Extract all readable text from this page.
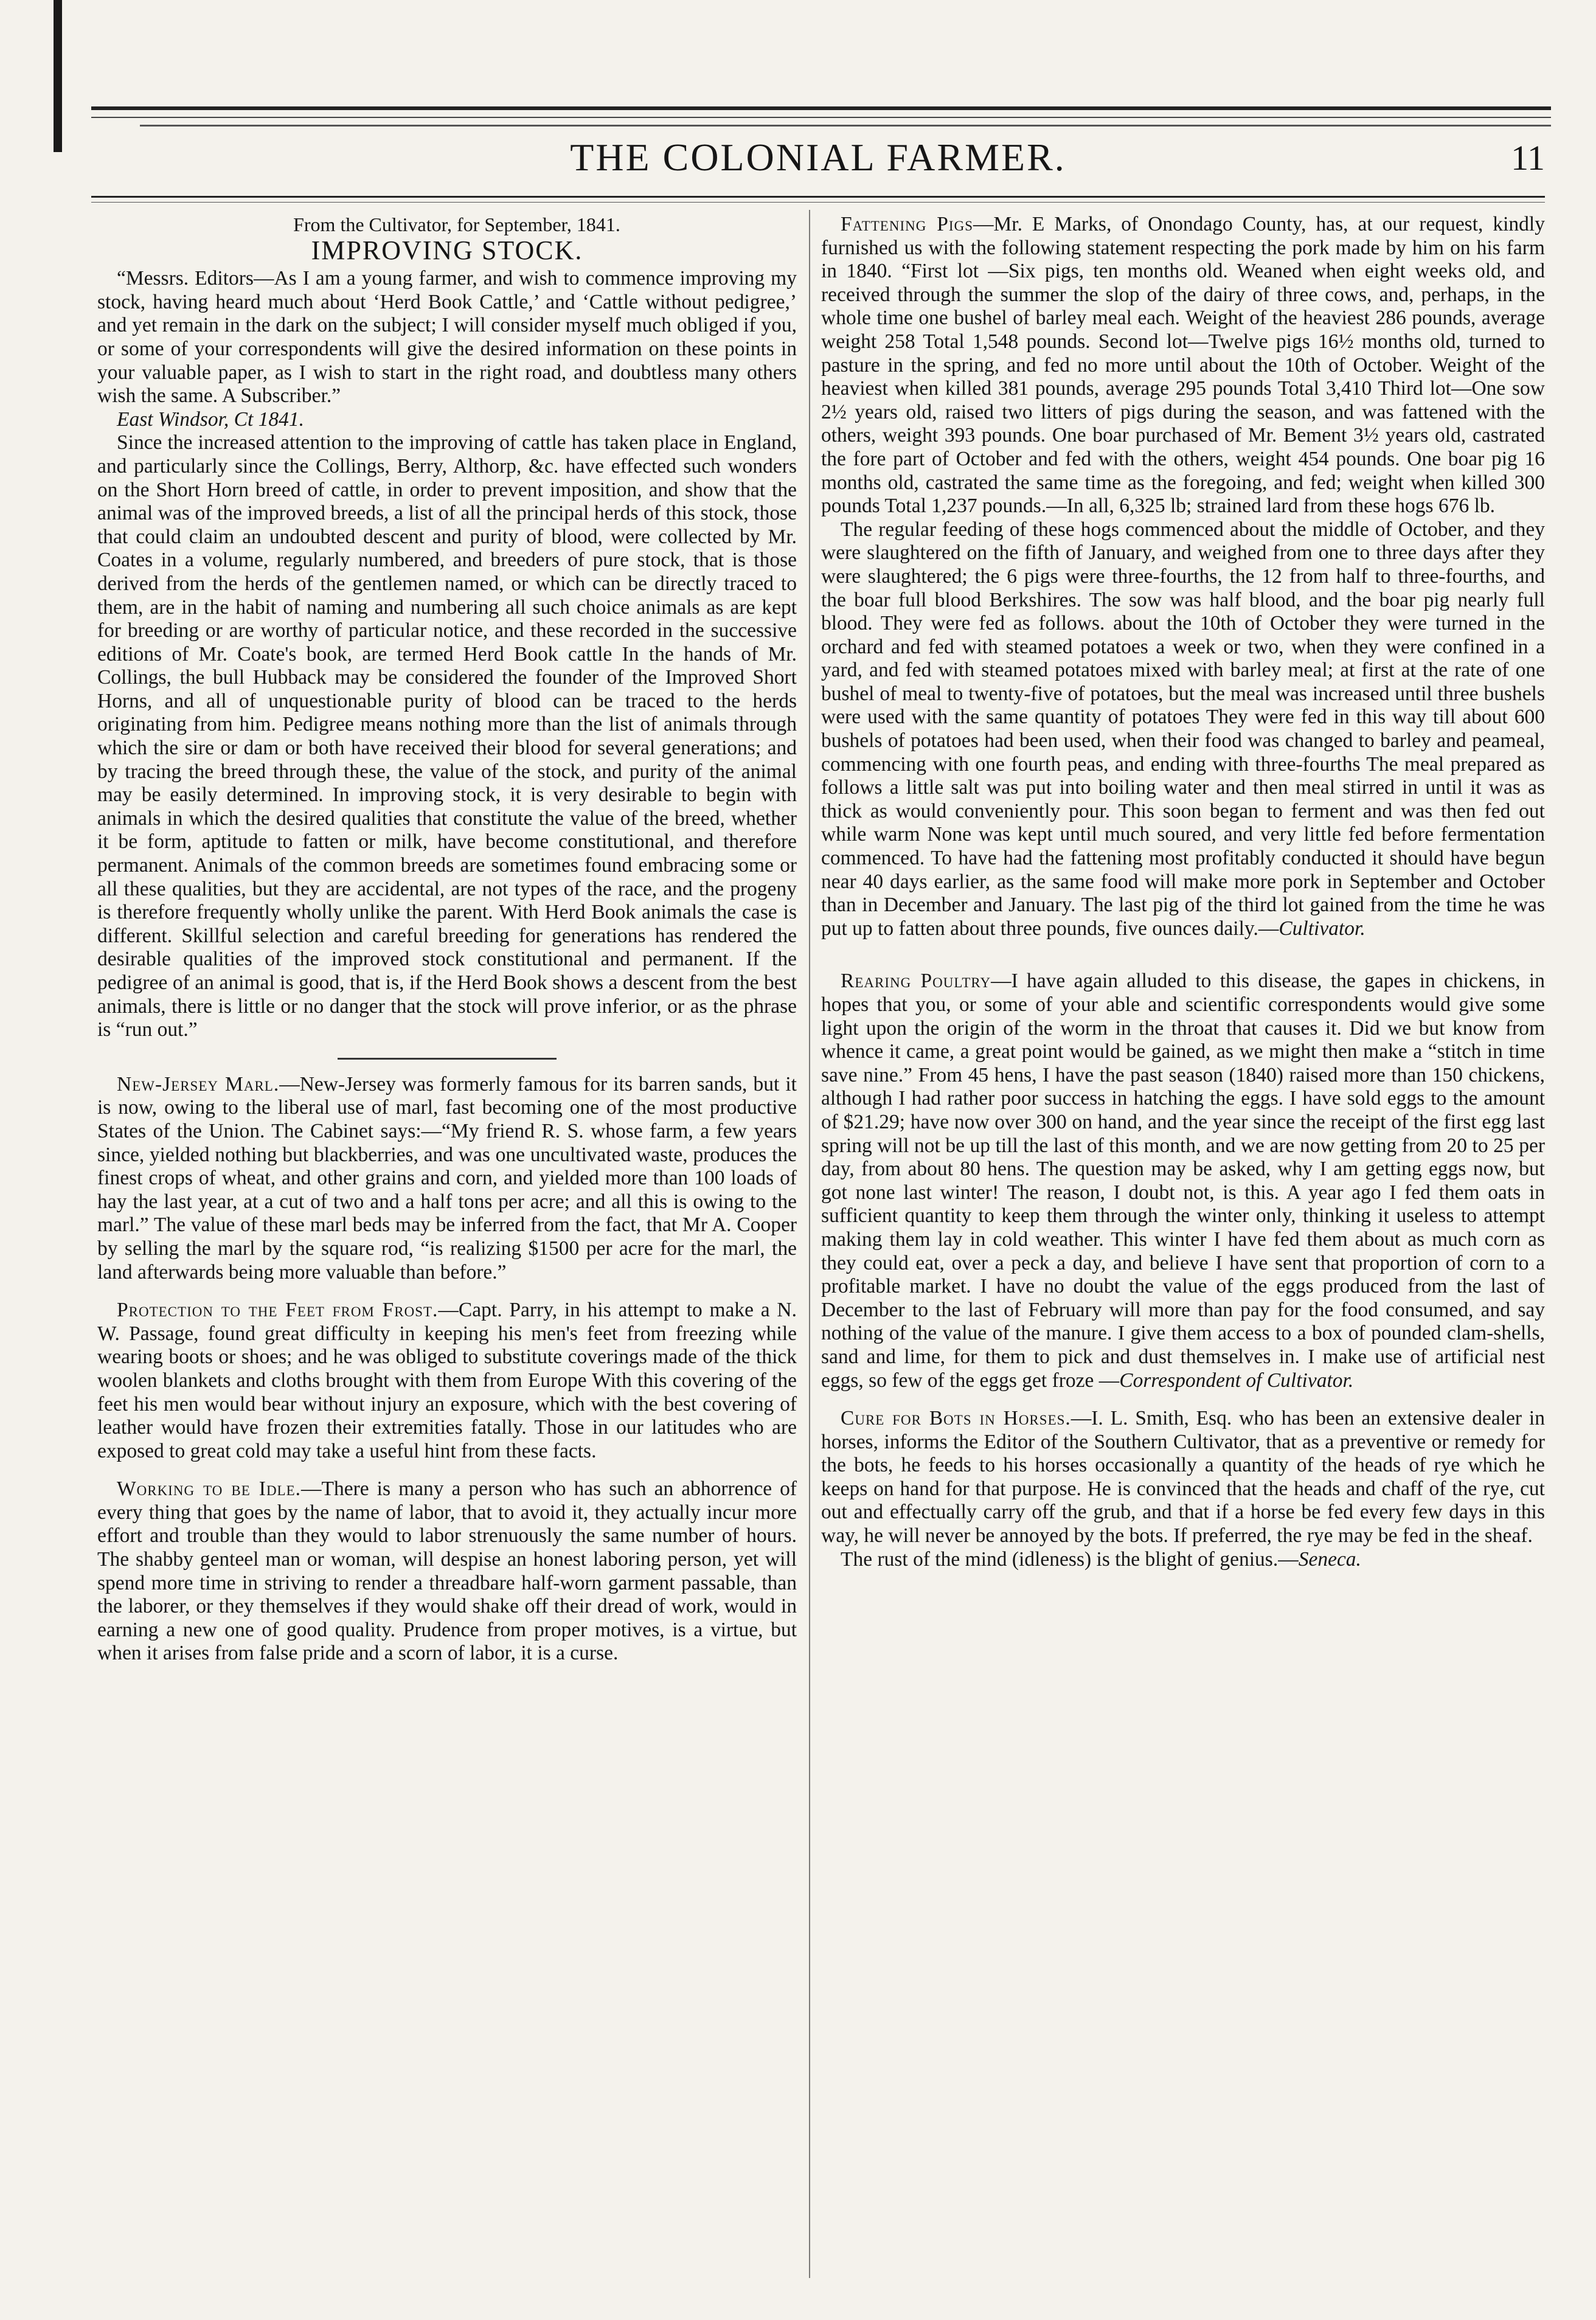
THE COLONIAL FARMER.	11

From the Cultivator, for September, 1841.

IMPROVING STOCK.

“Messrs. Editors—As I am a young farmer, and wish to commence improving my stock, having heard much about ‘Herd Book Cattle,’ and ‘Cattle without pedigree,’ and yet remain in the dark on the subject; I will consider myself much obliged if you, or some of your correspondents will give the desired information on these points in your valuable paper, as I wish to start in the right road, and doubtless many others wish the same. A Subscriber.”

East Windsor, Ct 1841.

Since the increased attention to the improving of cattle has taken place in England, and particularly since the Collings, Berry, Althorp, &c. have effected such wonders on the Short Horn breed of cattle, in order to prevent imposition, and show that the animal was of the improved breeds, a list of all the principal herds of this stock, those that could claim an undoubted descent and purity of blood, were collected by Mr. Coates in a volume, regularly numbered, and breeders of pure stock, that is those derived from the herds of the gentlemen named, or which can be directly traced to them, are in the habit of naming and numbering all such choice animals as are kept for breeding or are worthy of particular notice, and these recorded in the successive editions of Mr. Coate's book, are termed Herd Book cattle In the hands of Mr. Collings, the bull Hubback may be considered the founder of the Improved Short Horns, and all of unquestionable purity of blood can be traced to the herds originating from him. Pedigree means nothing more than the list of animals through which the sire or dam or both have received their blood for several generations; and by tracing the breed through these, the value of the stock, and purity of the animal may be easily determined. In improving stock, it is very desirable to begin with animals in which the desired qualities that constitute the value of the breed, whether it be form, aptitude to fatten or milk, have become constitutional, and therefore permanent. Animals of the common breeds are sometimes found embracing some or all these qualities, but they are accidental, are not types of the race, and the progeny is therefore frequently wholly unlike the parent. With Herd Book animals the case is different. Skillful selection and careful breeding for generations has rendered the desirable qualities of the improved stock constitutional and permanent. If the pedigree of an animal is good, that is, if the Herd Book shows a descent from the best animals, there is little or no danger that the stock will prove inferior, or as the phrase is “run out.”

New-Jersey Marl.—New-Jersey was formerly famous for its barren sands, but it is now, owing to the liberal use of marl, fast becoming one of the most productive States of the Union. The Cabinet says:—“My friend R. S. whose farm, a few years since, yielded nothing but blackberries, and was one uncultivated waste, produces the finest crops of wheat, and other grains and corn, and yielded more than 100 loads of hay the last year, at a cut of two and a half tons per acre; and all this is owing to the marl.” The value of these marl beds may be inferred from the fact, that Mr A. Cooper by selling the marl by the square rod, “is realizing $1500 per acre for the marl, the land afterwards being more valuable than before.”

Protection to the Feet from Frost.—Capt. Parry, in his attempt to make a N. W. Passage, found great difficulty in keeping his men's feet from freezing while wearing boots or shoes; and he was obliged to substitute coverings made of the thick woolen blankets and cloths brought with them from Europe With this covering of the feet his men would bear without injury an exposure, which with the best covering of leather would have frozen their extremities fatally. Those in our latitudes who are exposed to great cold may take a useful hint from these facts.

Working to be Idle.—There is many a person who has such an abhorrence of every thing that goes by the name of labor, that to avoid it, they actually incur more effort and trouble than they would to labor strenuously the same number of hours. The shabby genteel man or woman, will despise an honest laboring person, yet will spend more time in striving to render a threadbare half-worn garment passable, than the laborer, or they themselves if they would shake off their dread of work, would in earning a new one of good quality. Prudence from proper motives, is a virtue, but when it arises from false pride and a scorn of labor, it is a curse.

Fattening Pigs—Mr. E Marks, of Onondago County, has, at our request, kindly furnished us with the following statement respecting the pork made by him on his farm in 1840. “First lot —Six pigs, ten months old. Weaned when eight weeks old, and received through the summer the slop of the dairy of three cows, and, perhaps, in the whole time one bushel of barley meal each. Weight of the heaviest 286 pounds, average weight 258 Total 1,548 pounds. Second lot—Twelve pigs 16½ months old, turned to pasture in the spring, and fed no more until about the 10th of October. Weight of the heaviest when killed 381 pounds, average 295 pounds Total 3,410 Third lot—One sow 2½ years old, raised two litters of pigs during the season, and was fattened with the others, weight 393 pounds. One boar purchased of Mr. Bement 3½ years old, castrated the fore part of October and fed with the others, weight 454 pounds. One boar pig 16 months old, castrated the same time as the foregoing, and fed; weight when killed 300 pounds Total 1,237 pounds.—In all, 6,325 lb; strained lard from these hogs 676 lb.

The regular feeding of these hogs commenced about the middle of October, and they were slaughtered on the fifth of January, and weighed from one to three days after they were slaughtered; the 6 pigs were three-fourths, the 12 from half to three-fourths, and the boar full blood Berkshires. The sow was half blood, and the boar pig nearly full blood. They were fed as follows. about the 10th of October they were turned in the orchard and fed with steamed potatoes a week or two, when they were confined in a yard, and fed with steamed potatoes mixed with barley meal; at first at the rate of one bushel of meal to twenty-five of potatoes, but the meal was increased until three bushels were used with the same quantity of potatoes They were fed in this way till about 600 bushels of potatoes had been used, when their food was changed to barley and peameal, commencing with one fourth peas, and ending with three-fourths The meal prepared as follows a little salt was put into boiling water and then meal stirred in until it was as thick as would conveniently pour. This soon began to ferment and was then fed out while warm None was kept until much soured, and very little fed before fermentation commenced. To have had the fattening most profitably conducted it should have begun near 40 days earlier, as the same food will make more pork in September and October than in December and January. The last pig of the third lot gained from the time he was put up to fatten about three pounds, five ounces daily.—Cultivator.

Rearing Poultry—I have again alluded to this disease, the gapes in chickens, in hopes that you, or some of your able and scientific correspondents would give some light upon the origin of the worm in the throat that causes it. Did we but know from whence it came, a great point would be gained, as we might then make a “stitch in time save nine.” From 45 hens, I have the past season (1840) raised more than 150 chickens, although I had rather poor success in hatching the eggs. I have sold eggs to the amount of $21.29; have now over 300 on hand, and the year since the receipt of the first egg last spring will not be up till the last of this month, and we are now getting from 20 to 25 per day, from about 80 hens. The question may be asked, why I am getting eggs now, but got none last winter! The reason, I doubt not, is this. A year ago I fed them oats in sufficient quantity to keep them through the winter only, thinking it useless to attempt making them lay in cold weather. This winter I have fed them about as much corn as they could eat, over a peck a day, and believe I have sent that proportion of corn to a profitable market. I have no doubt the value of the eggs produced from the last of December to the last of February will more than pay for the food consumed, and say nothing of the value of the manure. I give them access to a box of pounded clam-shells, sand and lime, for them to pick and dust themselves in. I make use of artificial nest eggs, so few of the eggs get froze —Correspondent of Cultivator.

Cure for Bots in Horses.—I. L. Smith, Esq. who has been an extensive dealer in horses, informs the Editor of the Southern Cultivator, that as a preventive or remedy for the bots, he feeds to his horses occasionally a quantity of the heads of rye which he keeps on hand for that purpose. He is convinced that the heads and chaff of the rye, cut out and effectually carry off the grub, and that if a horse be fed every few days in this way, he will never be annoyed by the bots. If preferred, the rye may be fed in the sheaf.

The rust of the mind (idleness) is the blight of genius.—Seneca.
